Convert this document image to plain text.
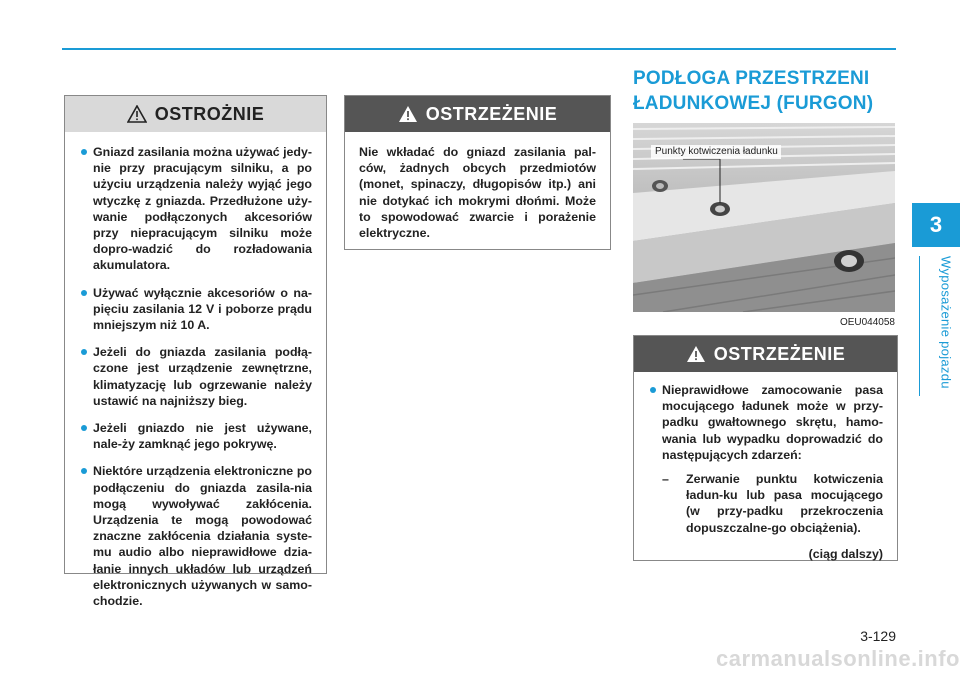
3
Wyposażenie pojazdu
PODŁOGA PRZESTRZENI
ŁADUNKOWEJ (FURGON)
OSTROŻNIE

Gniazd zasilania można używać jedy-nie przy pracującym silniku, a po użyciu urządzenia należy wyjąć jego wtyczkę z gniazda. Przedłużone uży-wanie podłączonych akcesoriów przy niepracującym silniku może dopro-wadzić do rozładowania akumulatora.

Używać wyłącznie akcesoriów o na-pięciu zasilania 12 V i poborze prądu mniejszym niż 10 A.

Jeżeli do gniazda zasilania podłą-czone jest urządzenie zewnętrzne, klimatyzację lub ogrzewanie należy ustawić na najniższy bieg.

Jeżeli gniazdo nie jest używane, nale-ży zamknąć jego pokrywę.

Niektóre urządzenia elektroniczne po podłączeniu do gniazda zasila-nia mogą wywoływać zakłócenia. Urządzenia te mogą powodować znaczne zakłócenia działania syste-mu audio albo nieprawidłowe dzia-łanie innych układów lub urządzeń elektronicznych używanych w samo-chodzie.

OSTRZEŻENIE

Nie wkładać do gniazd zasilania pal-ców, żadnych obcych przedmiotów (monet, spinaczy, długopisów itp.) ani nie dotykać ich mokrymi dłońmi. Może to spowodować zwarcie i porażenie elektryczne.

Punkty kotwiczenia ładunku
OEU044058
OSTRZEŻENIE

Nieprawidłowe zamocowanie pasa mocującego ładunek może w przy-padku gwałtownego skrętu, hamo-wania lub wypadku doprowadzić do następujących zdarzeń:

– Zerwanie punktu kotwiczenia ładun-ku lub pasa mocującego (w przy-padku przekroczenia dopuszczalne-go obciążenia).

(ciąg dalszy)

3-129
carmanualsonline.info
